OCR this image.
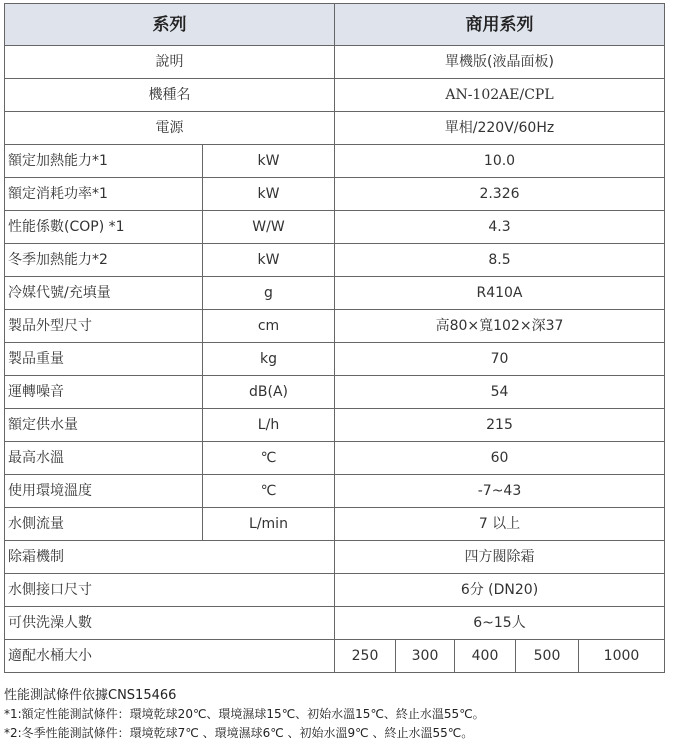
系列		商用系列				
說明		單機版(液晶面板)				
機種名		AN-102AE/CPL				
電源		單相/220V/60Hz				
額定加熱能力*1	kW	10.0				
額定消耗功率*1	kW	2.326				
性能係數(COP) *1	W/W	4.3				
冬季加熱能力*2	kW	8.5				
冷媒代號/充填量	g	R410A				
製品外型尺寸	cm	高80×寬102×深37				
製品重量	kg	70				
運轉噪音	dB(A)	54				
額定供水量	L/h	215				
最高水溫	℃	60				
使用環境溫度	℃	-7~43				
水側流量	L/min	7 以上				
除霜機制		四方閥除霜				
水側接口尺寸		6分 (DN20)				
可供洗澡人數		6~15人				
適配水桶大小		250	300	400	500	1000
性能測試條件依據CNS15466
*1:額定性能測試條件：環境乾球20℃、環境濕球15℃、初始水溫15℃、終止水溫55℃。
*2:冬季性能測試條件：環境乾球7℃ 、環境濕球6℃ 、初始水溫9℃ 、終止水溫55℃。
